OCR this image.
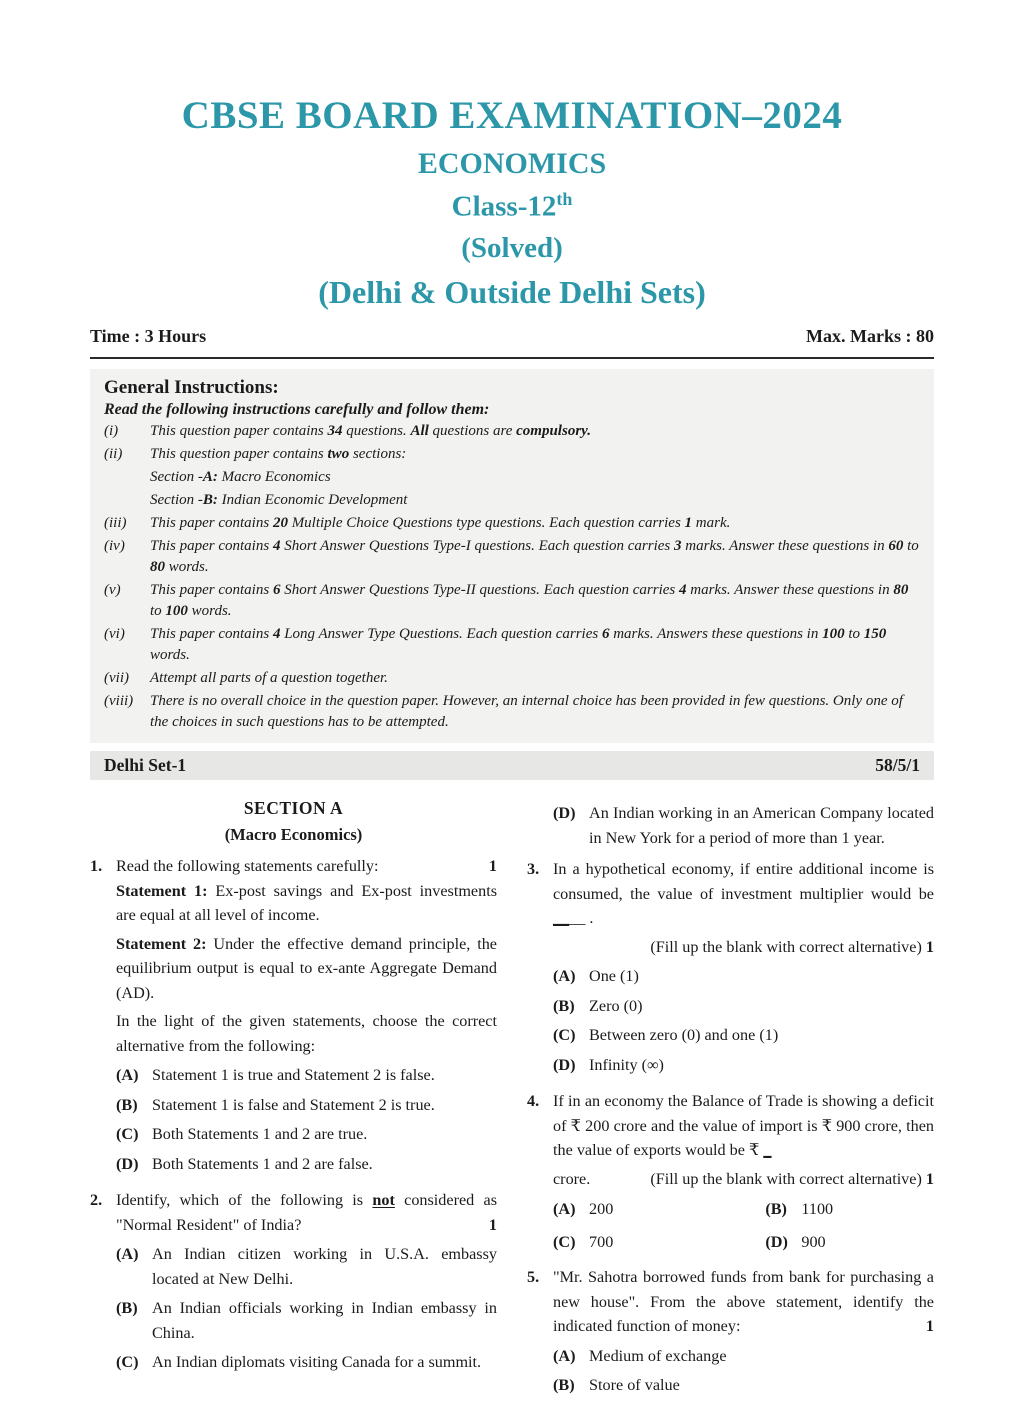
CBSE BOARD EXAMINATION–2024
ECONOMICS
Class-12th
(Solved)
(Delhi & Outside Delhi Sets)
Time : 3 Hours	Max. Marks : 80
General Instructions:
Read the following instructions carefully and follow them:
(i)	This question paper contains 34 questions. All questions are compulsory.
(ii)	This question paper contains two sections:
Section -A: Macro Economics
Section -B: Indian Economic Development
(iii)	This paper contains 20 Multiple Choice Questions type questions. Each question carries 1 mark.
(iv)	This paper contains 4 Short Answer Questions Type-I questions. Each question carries 3 marks. Answer these questions in 60 to 80 words.
(v)	This paper contains 6 Short Answer Questions Type-II questions. Each question carries 4 marks. Answer these questions in 80 to 100 words.
(vi)	This paper contains 4 Long Answer Type Questions. Each question carries 6 marks. Answers these questions in 100 to 150 words.
(vii)	Attempt all parts of a question together.
(viii)	There is no overall choice in the question paper. However, an internal choice has been provided in few questions. Only one of the choices in such questions has to be attempted.
Delhi Set-1	58/5/1
SECTION A
(Macro Economics)
1. Read the following statements carefully:	1
Statement 1: Ex-post savings and Ex-post investments are equal at all level of income.
Statement 2: Under the effective demand principle, the equilibrium output is equal to ex-ante Aggregate Demand (AD).
In the light of the given statements, choose the correct alternative from the following:
(A) Statement 1 is true and Statement 2 is false.
(B) Statement 1 is false and Statement 2 is true.
(C) Both Statements 1 and 2 are true.
(D) Both Statements 1 and 2 are false.
2. Identify, which of the following is not considered as "Normal Resident" of India?	1
(A) An Indian citizen working in U.S.A. embassy located at New Delhi.
(B) An Indian officials working in Indian embassy in China.
(C) An Indian diplomats visiting Canada for a summit.
(D) An Indian working in an American Company located in New York for a period of more than 1 year.
3. In a hypothetical economy, if entire additional income is consumed, the value of investment multiplier would be ____ .
(Fill up the blank with correct alternative) 1
(A) One (1)
(B) Zero (0)
(C) Between zero (0) and one (1)
(D) Infinity (∞)
4. If in an economy the Balance of Trade is showing a deficit of ₹ 200 crore and the value of import is ₹ 900 crore, then the value of exports would be ₹ _
crore.	(Fill up the blank with correct alternative) 1
(A) 200	(B) 1100
(C) 700	(D) 900
5. "Mr. Sahotra borrowed funds from bank for purchasing a new house". From the above statement, identify the indicated function of money:	1
(A) Medium of exchange
(B) Store of value
